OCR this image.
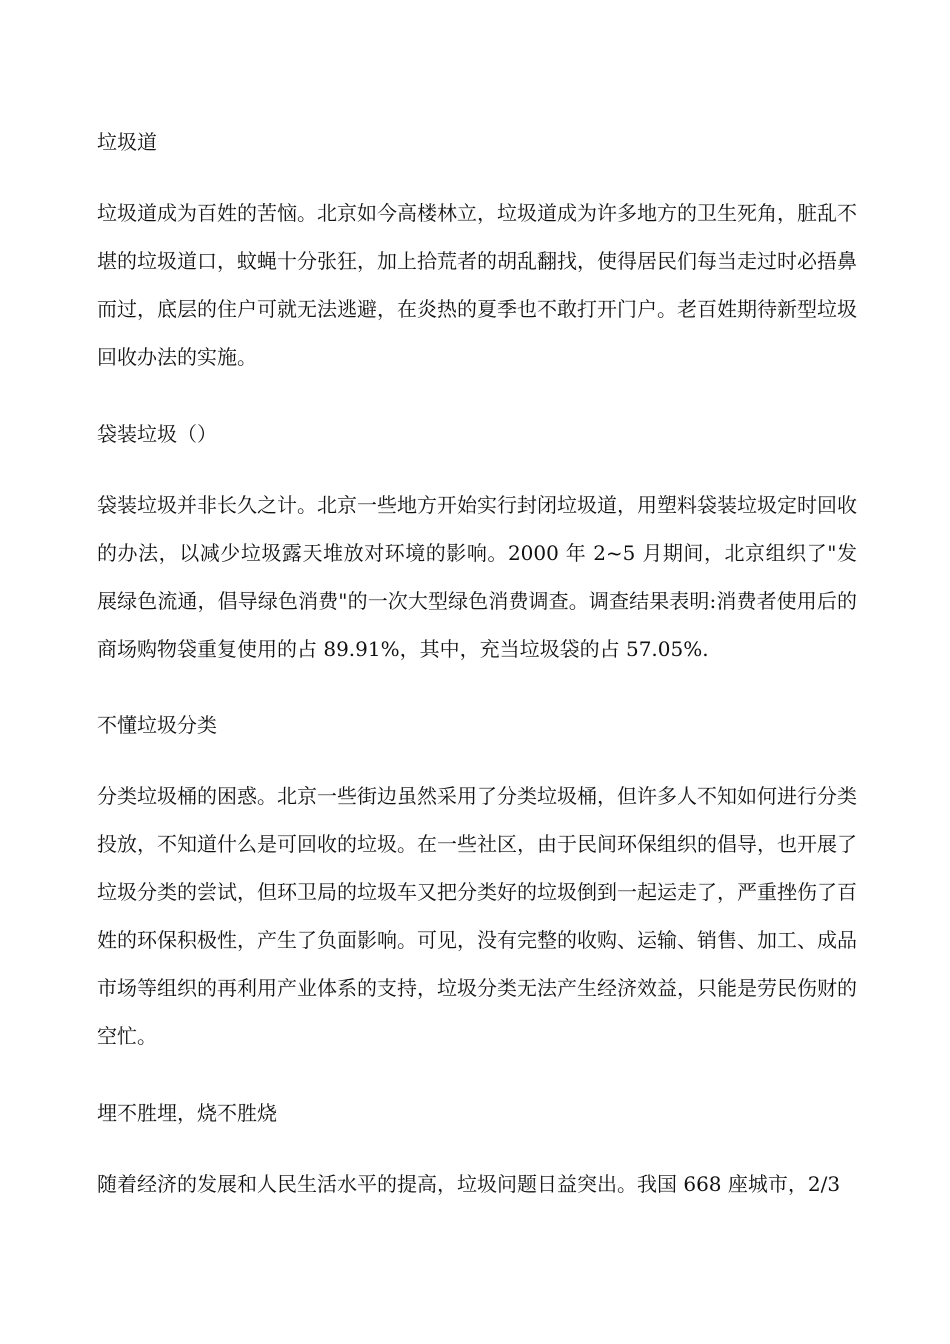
垃圾道
垃圾道成为百姓的苦恼。北京如今高楼林立，垃圾道成为许多地方的卫生死角，脏乱不堪的垃圾道口，蚊蝇十分张狂，加上拾荒者的胡乱翻找，使得居民们每当走过时必捂鼻而过，底层的住户可就无法逃避，在炎热的夏季也不敢打开门户。老百姓期待新型垃圾回收办法的实施。
袋装垃圾（）
袋装垃圾并非长久之计。北京一些地方开始实行封闭垃圾道，用塑料袋装垃圾定时回收的办法，以减少垃圾露天堆放对环境的影响。2000 年 2~5 月期间，北京组织了"发展绿色流通，倡导绿色消费"的一次大型绿色消费调查。调查结果表明:消费者使用后的商场购物袋重复使用的占 89.91%，其中，充当垃圾袋的占 57.05%.
不懂垃圾分类
分类垃圾桶的困惑。北京一些街边虽然采用了分类垃圾桶，但许多人不知如何进行分类投放，不知道什么是可回收的垃圾。在一些社区，由于民间环保组织的倡导，也开展了垃圾分类的尝试，但环卫局的垃圾车又把分类好的垃圾倒到一起运走了，严重挫伤了百姓的环保积极性，产生了负面影响。可见，没有完整的收购、运输、销售、加工、成品市场等组织的再利用产业体系的支持，垃圾分类无法产生经济效益，只能是劳民伤财的空忙。
埋不胜埋，烧不胜烧
随着经济的发展和人民生活水平的提高，垃圾问题日益突出。我国 668 座城市，2/3
